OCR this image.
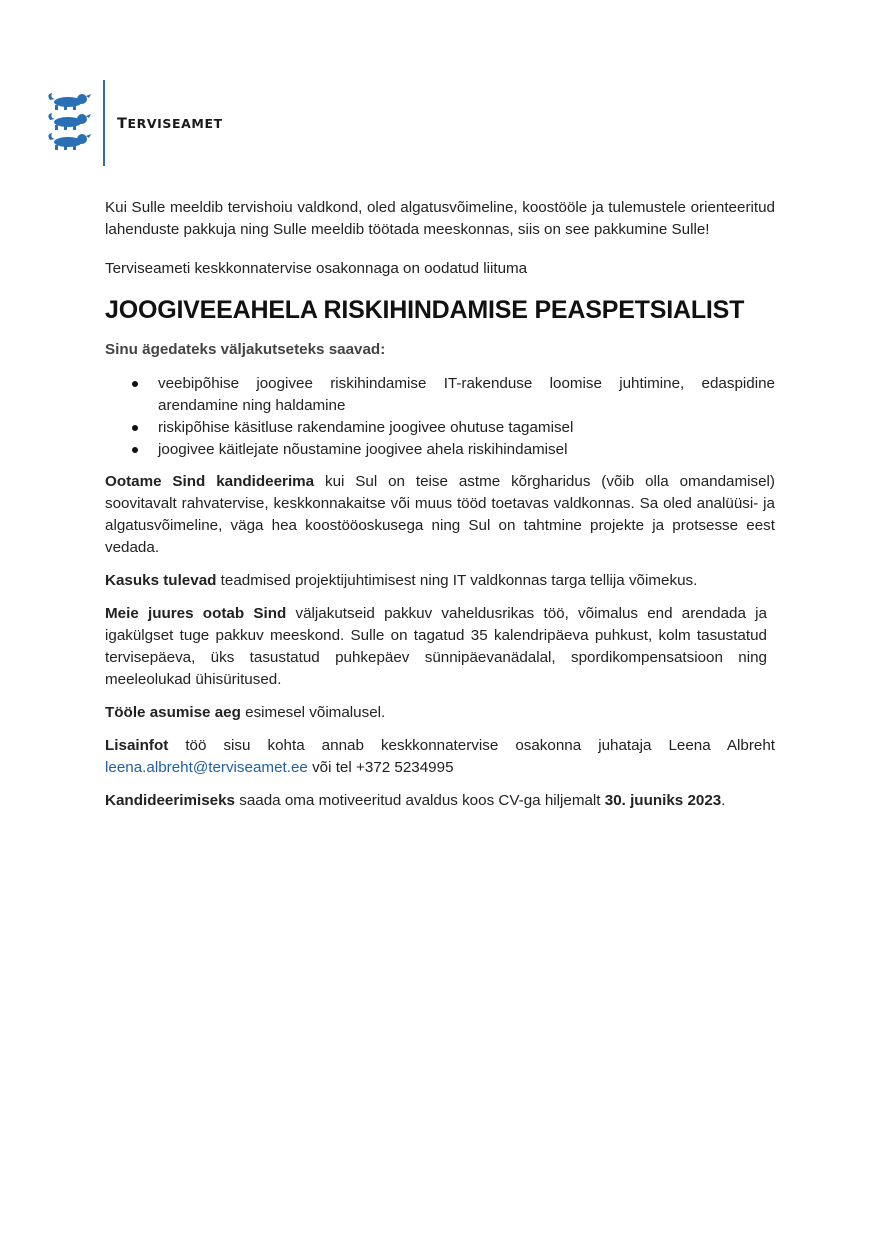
TERVISEAMET

Kui Sulle meeldib tervishoiu valdkond, oled algatusvõimeline, koostööle ja tulemustele orienteeritud lahenduste pakkuja ning Sulle meeldib töötada meeskonnas, siis on see pakkumine Sulle!

Terviseameti keskkonnatervise osakonnaga on oodatud liituma

JOOGIVEEAHELA RISKIHINDAMISE PEASPETSIALIST

Sinu ägedateks väljakutseteks saavad:

veebipõhise joogivee riskihindamise IT-rakenduse loomise juhtimine, edaspidine arendamine ning haldamine
riskipõhise käsitluse rakendamine joogivee ohutuse tagamisel
joogivee käitlejate nõustamine joogivee ahela riskihindamisel

Ootame Sind kandideerima kui Sul on teise astme kõrgharidus (võib olla omandamisel) soovitavalt rahvatervise, keskkonnakaitse või muus tööd toetavas valdkonnas. Sa oled analüüsi- ja algatusvõimeline, väga hea koostööoskusega ning Sul on tahtmine projekte ja protsesse eest vedada.

Kasuks tulevad teadmised projektijuhtimisest ning IT valdkonnas targa tellija võimekus.

Meie juures ootab Sind väljakutseid pakkuv vaheldusrikas töö, võimalus end arendada ja igakülgset tuge pakkuv meeskond. Sulle on tagatud 35 kalendripäeva puhkust, kolm tasustatud tervisepäeva, üks tasustatud puhkepäev sünnipäevanädalal, spordikompensatsioon ning meeleolukad ühisüritused.

Tööle asumise aeg esimesel võimalusel.

Lisainfot töö sisu kohta annab keskkonnatervise osakonna juhataja Leena Albreht leena.albreht@terviseamet.ee või tel +372 5234995

Kandideerimiseks saada oma motiveeritud avaldus koos CV-ga hiljemalt 30. juuniks 2023.
